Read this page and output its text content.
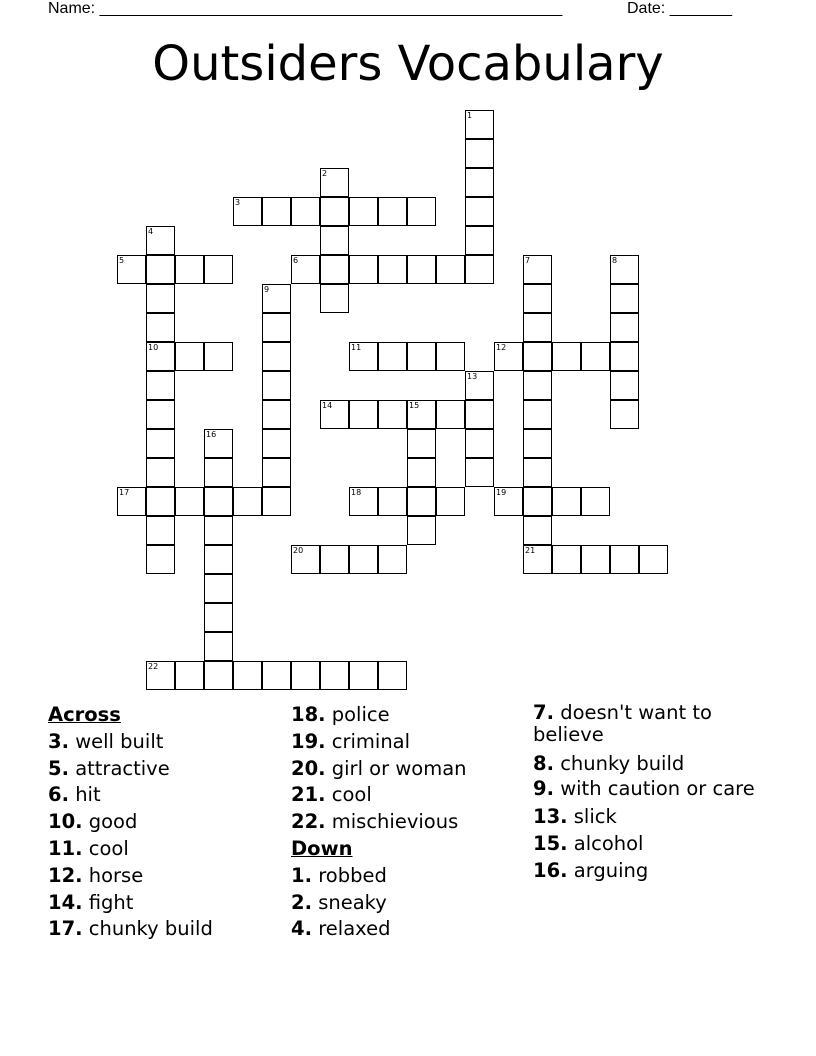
Name: ____________________________________________________	Date: _______
Outsiders Vocabulary
1
2
3
4
10
5	6	7
21
8
9
11	12
13
14	15
16
17	18	19
20
22
Across
3. well built
5. attractive
6. hit
10. good
11. cool
12. horse
14. fight
17. chunky build
18. police
19. criminal
20. girl or woman
21. cool
22. mischievious
Down
1. robbed
2. sneaky
4. relaxed
7. doesn't want to believe
8. chunky build
9. with caution or care
13. slick
15. alcohol
16. arguing
